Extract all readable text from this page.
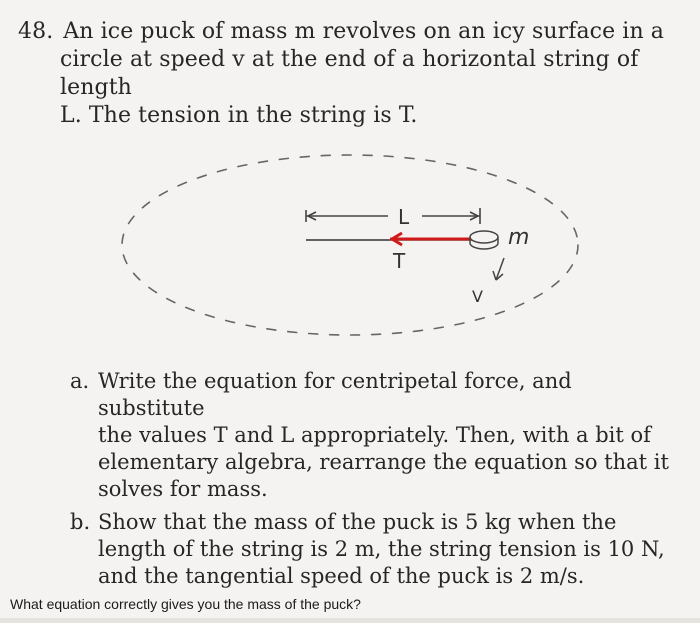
48. An ice puck of mass m revolves on an icy surface in a
circle at speed v at the end of a horizontal string of length
L. The tension in the string is T.
L
T
m
V
a. Write the equation for centripetal force, and substitute
the values T and L appropriately. Then, with a bit of
elementary algebra, rearrange the equation so that it
solves for mass.
b. Show that the mass of the puck is 5 kg when the
length of the string is 2 m, the string tension is 10 N,
and the tangential speed of the puck is 2 m/s.
What equation correctly gives you the mass of the puck?
